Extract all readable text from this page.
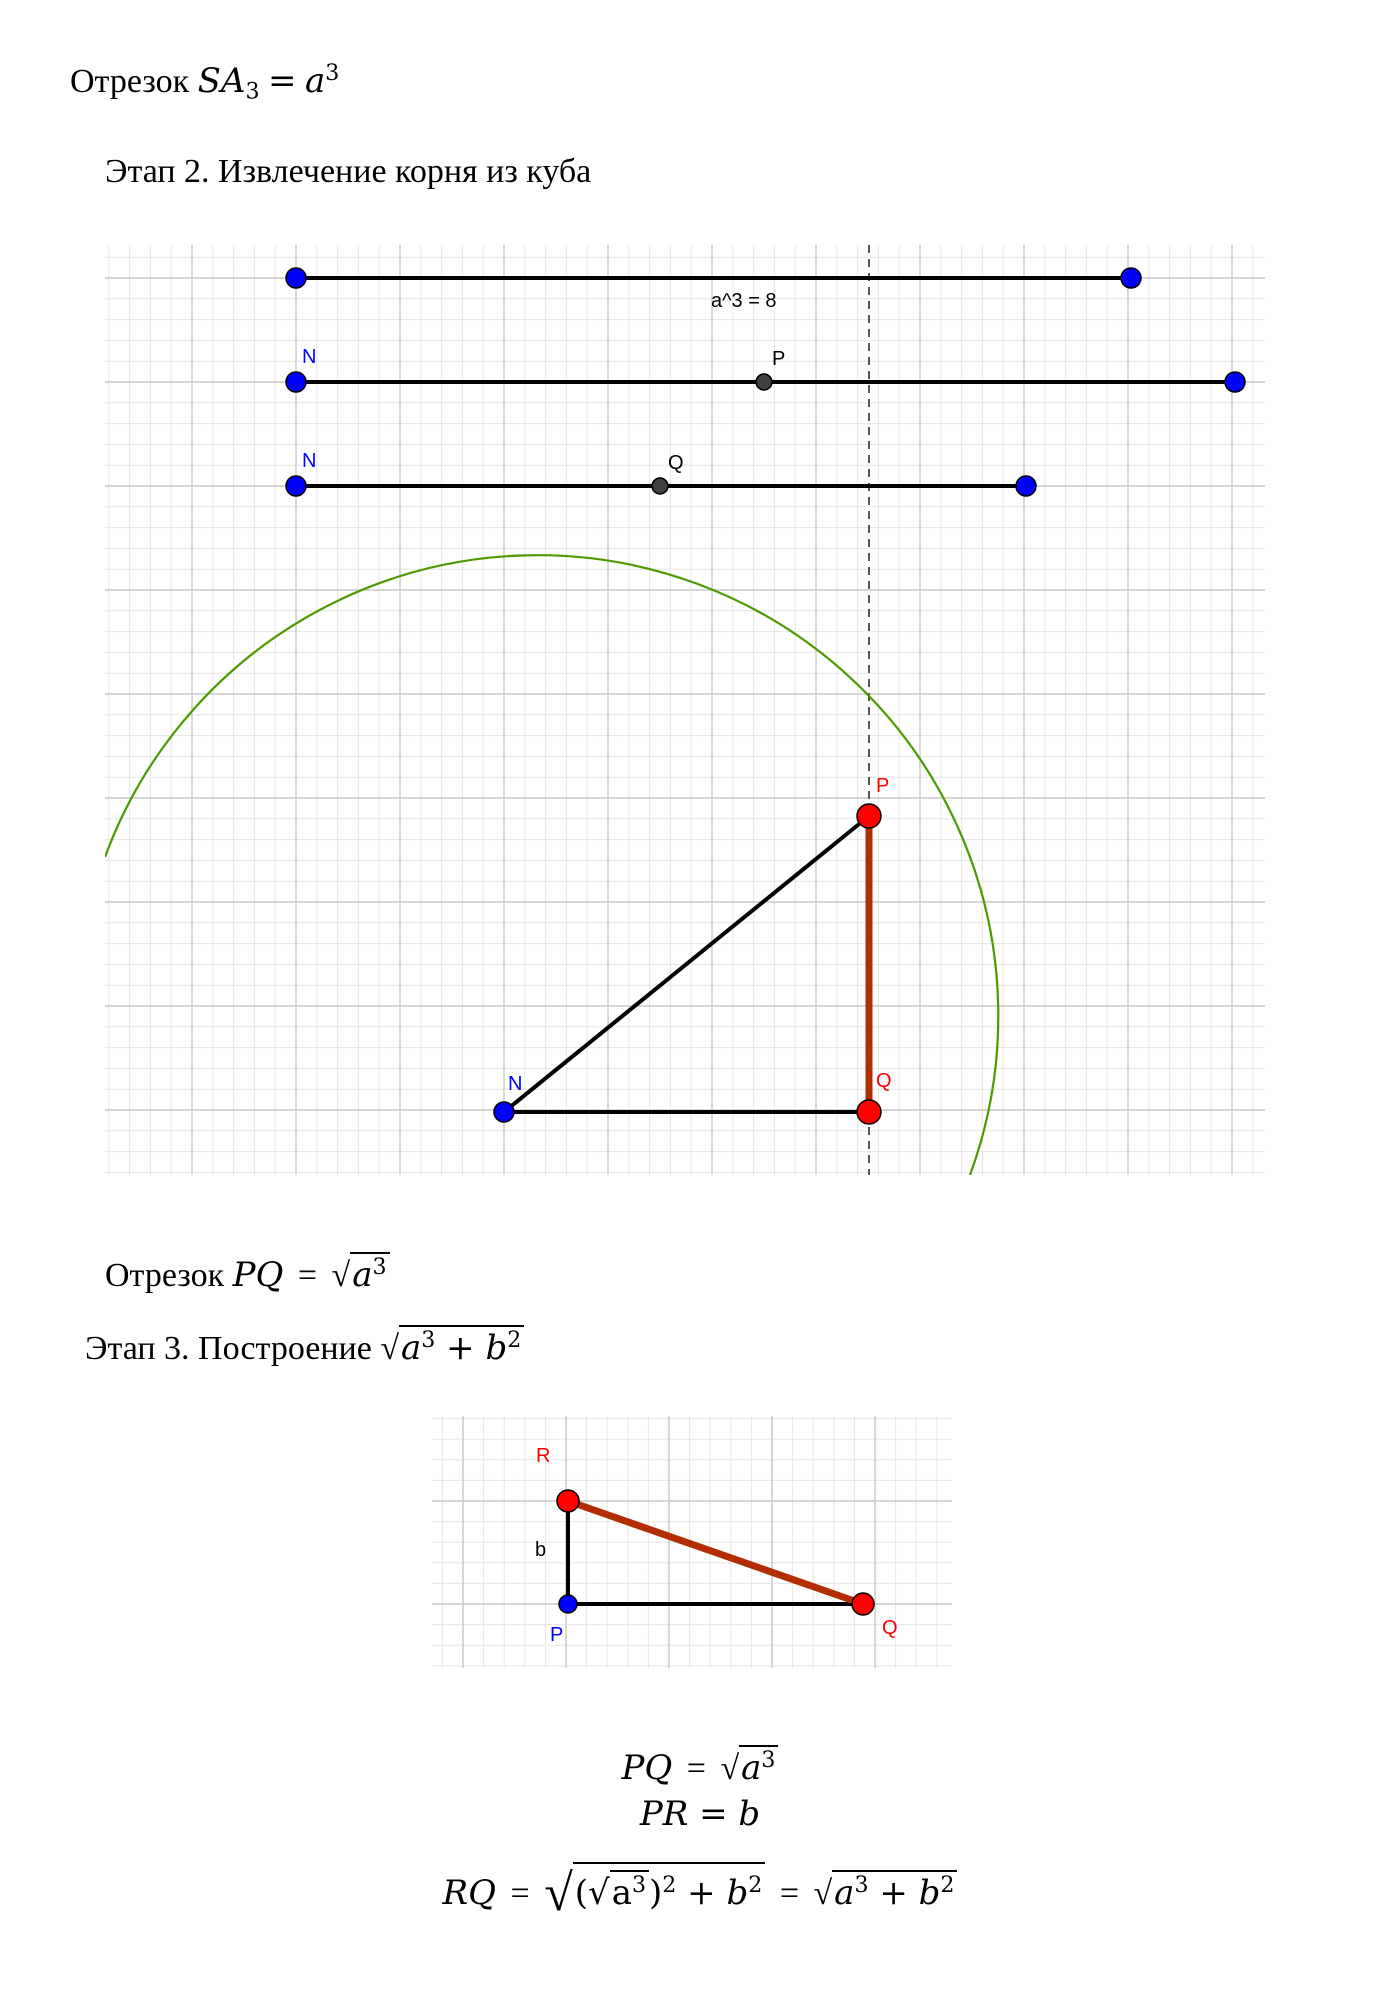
Отрезок $SA3 = a^3$
Этап 2. Извлечение корня из куба
a^3 = 8
N	P
N	Q
P
Q
N
Отрезок PQ = $√a^3$
Этап 3. Построение $√a^3 + b^2$
R
b
P	Q
PQ = $√a^3$
PR = b
RQ = $√(√a^3)^2 + b^2 = √a^3 + b^2$
